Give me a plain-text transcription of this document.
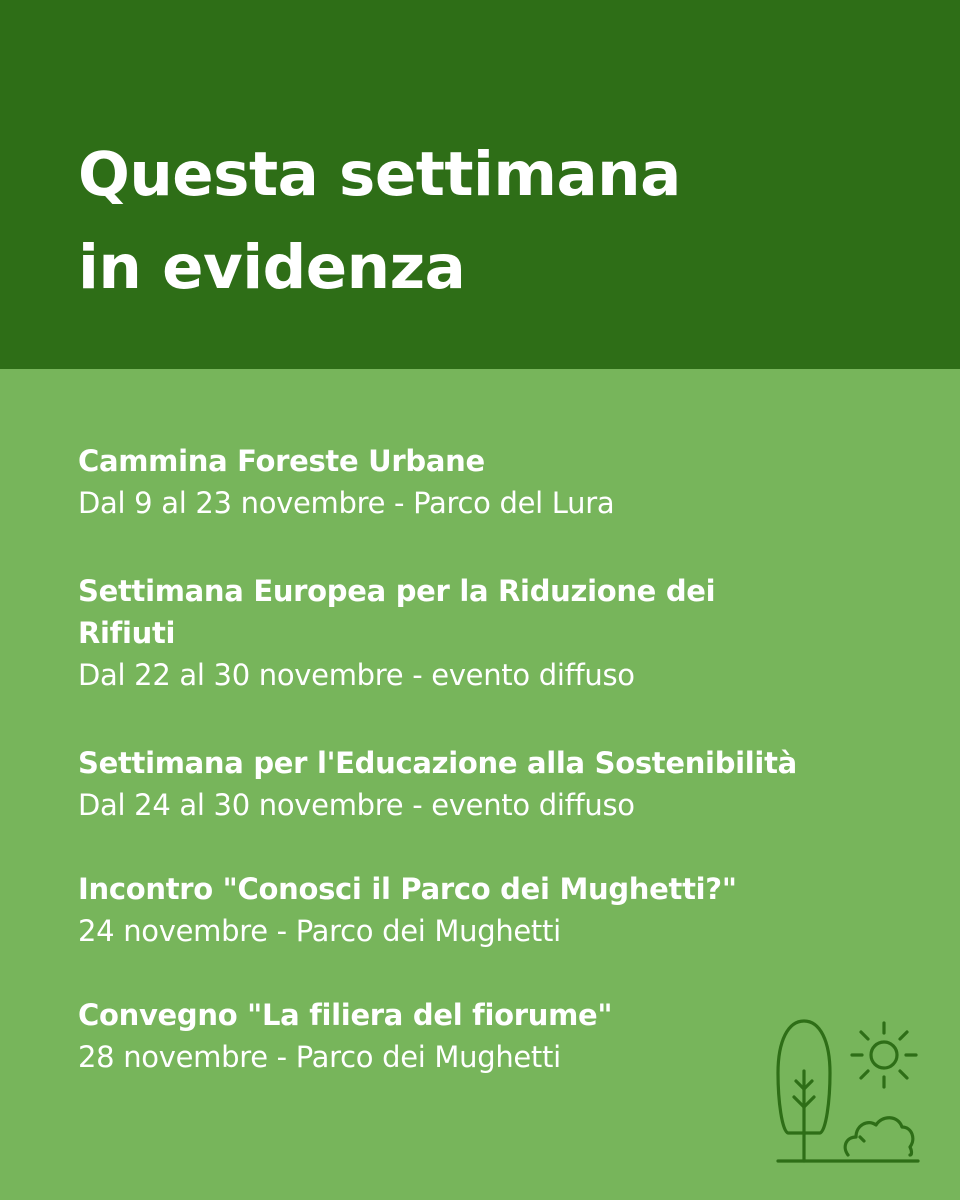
Questa settimana
in evidenza
Cammina Foreste Urbane
Dal 9 al 23 novembre - Parco del Lura
Settimana Europea per la Riduzione dei Rifiuti
Dal 22 al 30 novembre - evento diffuso
Settimana per l'Educazione alla Sostenibilità
Dal 24 al 30 novembre - evento diffuso
Incontro "Conosci il Parco dei Mughetti?"
24 novembre - Parco dei Mughetti
Convegno "La filiera del fiorume"
28 novembre - Parco dei Mughetti
